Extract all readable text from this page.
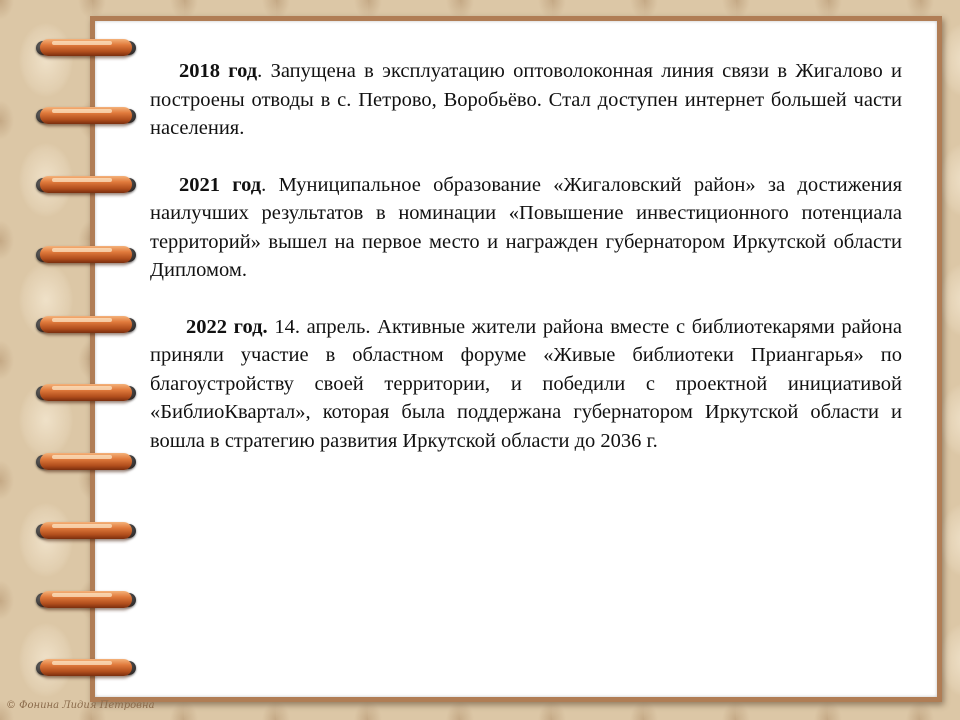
2018 год. Запущена в эксплуатацию оптоволоконная линия связи в Жигалово и построены отводы в с. Петрово, Воробьёво. Стал доступен интернет большей части населения.

2021 год. Муниципальное образование «Жигаловский район» за достижения наилучших результатов в номинации «Повышение инвестиционного потенциала территорий» вышел на первое место и награжден губернатором Иркутской области Дипломом.

2022 год. 14. апрель. Активные жители района вместе с библиотекарями района приняли участие в областном форуме «Живые библиотеки Приангарья» по благоустройству своей территории, и победили с проектной инициативой «БиблиоКвартал», которая была поддержана губернатором Иркутской области и вошла в стратегию развития Иркутской области до 2036 г.

© Фонина Лидия Петровна
